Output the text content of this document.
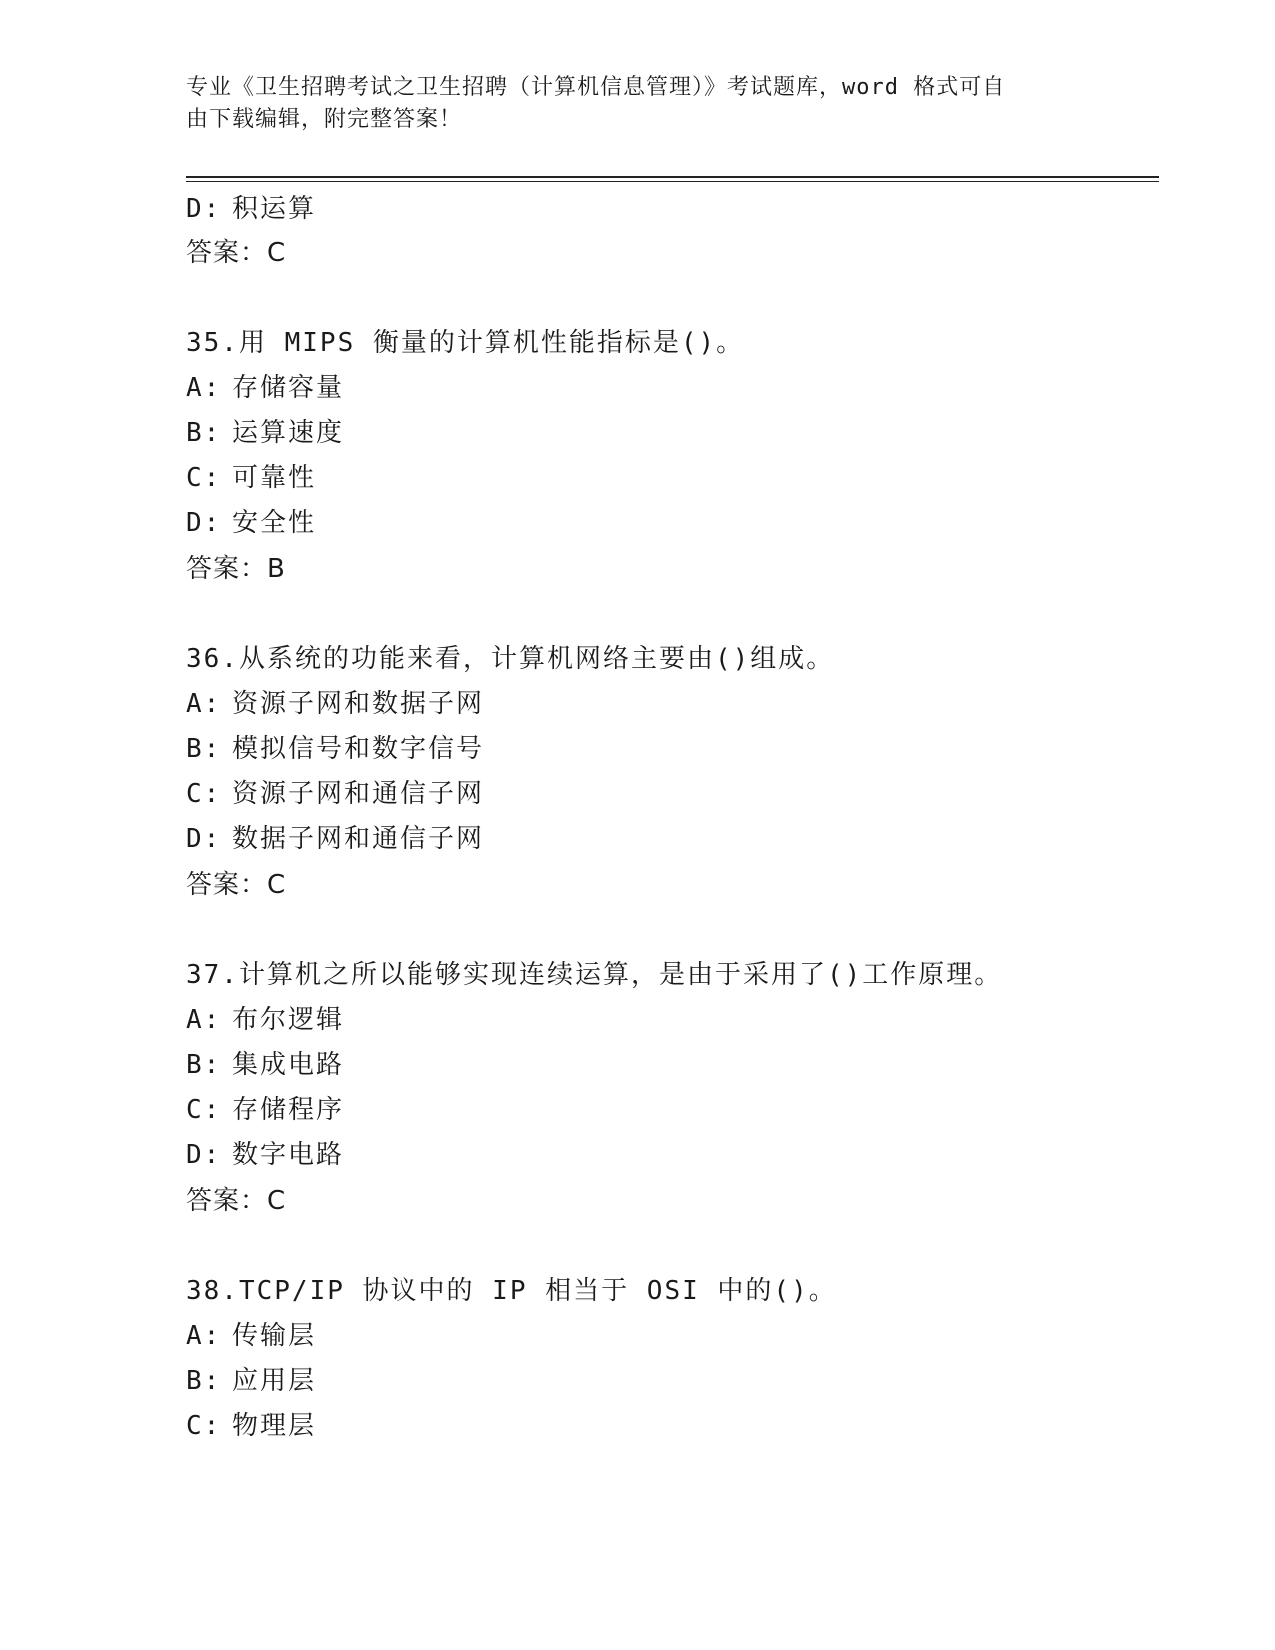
专业《卫生招聘考试之卫生招聘（计算机信息管理）》考试题库，word 格式可自
由下载编辑，附完整答案！
D: 积运算
答案：C
35.用 MIPS 衡量的计算机性能指标是()。
A: 存储容量
B: 运算速度
C: 可靠性
D: 安全性
答案：B
36.从系统的功能来看，计算机网络主要由()组成。
A: 资源子网和数据子网
B: 模拟信号和数字信号
C: 资源子网和通信子网
D: 数据子网和通信子网
答案：C
37.计算机之所以能够实现连续运算，是由于采用了()工作原理。
A: 布尔逻辑
B: 集成电路
C: 存储程序
D: 数字电路
答案：C
38.TCP/IP 协议中的 IP 相当于 OSI 中的()。
A: 传输层
B: 应用层
C: 物理层
